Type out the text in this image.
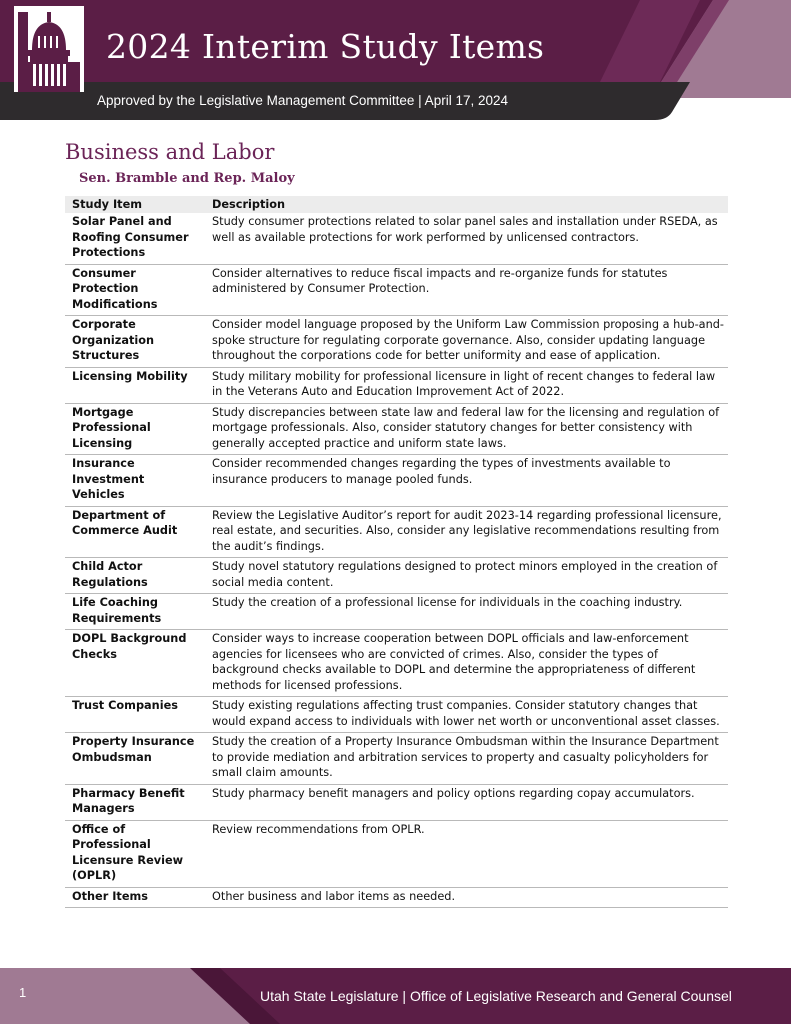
2024 Interim Study Items
Approved by the Legislative Management Committee | April 17, 2024
Business and Labor
Sen. Bramble and Rep. Maloy
Study Item	Description
Solar Panel and Roofing Consumer Protections	Study consumer protections related to solar panel sales and installation under RSEDA, as well as available protections for work performed by unlicensed contractors.
Consumer Protection Modifications	Consider alternatives to reduce fiscal impacts and re-organize funds for statutes administered by Consumer Protection.
Corporate Organization Structures	Consider model language proposed by the Uniform Law Commission proposing a hub-and-spoke structure for regulating corporate governance. Also, consider updating language throughout the corporations code for better uniformity and ease of application.
Licensing Mobility	Study military mobility for professional licensure in light of recent changes to federal law in the Veterans Auto and Education Improvement Act of 2022.
Mortgage Professional Licensing	Study discrepancies between state law and federal law for the licensing and regulation of mortgage professionals. Also, consider statutory changes for better consistency with generally accepted practice and uniform state laws.
Insurance Investment Vehicles	Consider recommended changes regarding the types of investments available to insurance producers to manage pooled funds.
Department of Commerce Audit	Review the Legislative Auditor’s report for audit 2023-14 regarding professional licensure, real estate, and securities. Also, consider any legislative recommendations resulting from the audit’s findings.
Child Actor Regulations	Study novel statutory regulations designed to protect minors employed in the creation of social media content.
Life Coaching Requirements	Study the creation of a professional license for individuals in the coaching industry.
DOPL Background Checks	Consider ways to increase cooperation between DOPL officials and law-enforcement agencies for licensees who are convicted of crimes. Also, consider the types of background checks available to DOPL and determine the appropriateness of different methods for licensed professions.
Trust Companies	Study existing regulations affecting trust companies. Consider statutory changes that would expand access to individuals with lower net worth or unconventional asset classes.
Property Insurance Ombudsman	Study the creation of a Property Insurance Ombudsman within the Insurance Department to provide mediation and arbitration services to property and casualty policyholders for small claim amounts.
Pharmacy Benefit Managers	Study pharmacy benefit managers and policy options regarding copay accumulators.
Office of Professional Licensure Review (OPLR)	Review recommendations from OPLR.
Other Items	Other business and labor items as needed.
1	Utah State Legislature | Office of Legislative Research and General Counsel
